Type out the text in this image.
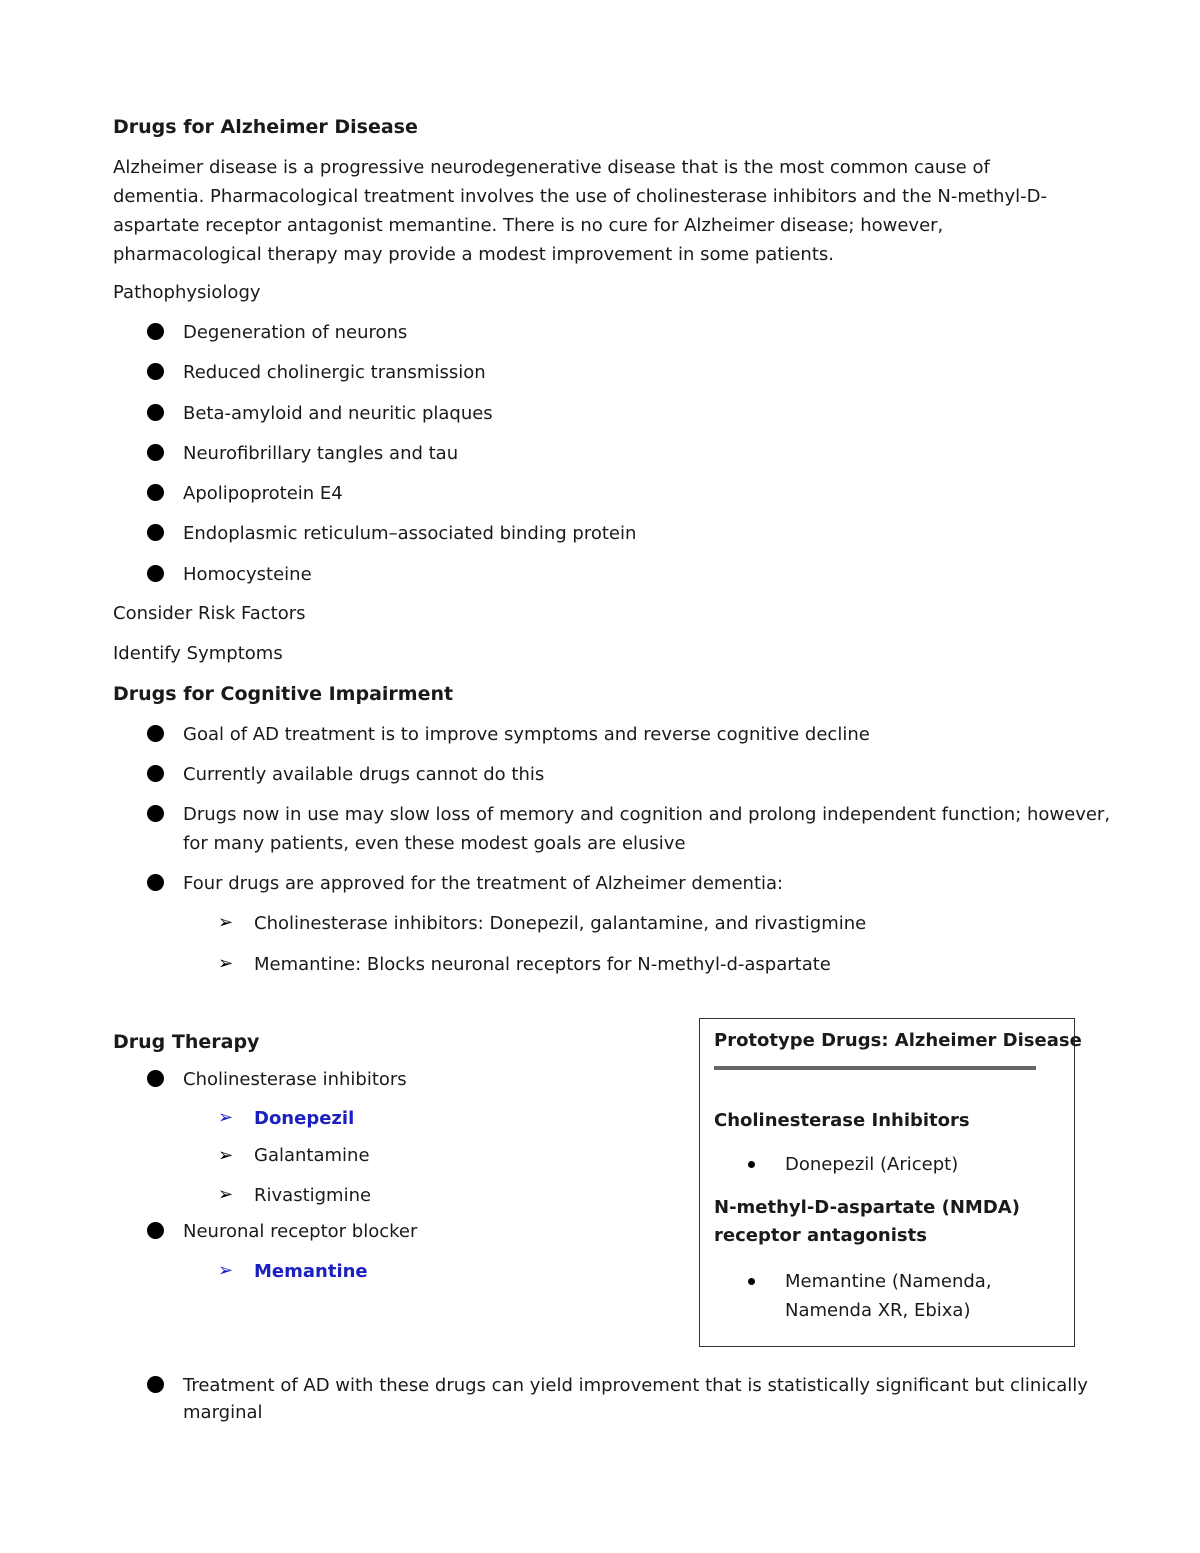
Drugs for Alzheimer Disease
Alzheimer disease is a progressive neurodegenerative disease that is the most common cause of dementia. Pharmacological treatment involves the use of cholinesterase inhibitors and the N-methyl-D-aspartate receptor antagonist memantine. There is no cure for Alzheimer disease; however, pharmacological therapy may provide a modest improvement in some patients.
Pathophysiology
Degeneration of neurons
Reduced cholinergic transmission
Beta-amyloid and neuritic plaques
Neurofibrillary tangles and tau
Apolipoprotein E4
Endoplasmic reticulum–associated binding protein
Homocysteine
Consider Risk Factors
Identify Symptoms
Drugs for Cognitive Impairment
Goal of AD treatment is to improve symptoms and reverse cognitive decline
Currently available drugs cannot do this
Drugs now in use may slow loss of memory and cognition and prolong independent function; however,
for many patients, even these modest goals are elusive
Four drugs are approved for the treatment of Alzheimer dementia:
➢ Cholinesterase inhibitors: Donepezil, galantamine, and rivastigmine
➢ Memantine: Blocks neuronal receptors for N-methyl-d-aspartate
Drug Therapy
Cholinesterase inhibitors
➢ Donepezil
➢ Galantamine
➢ Rivastigmine
Neuronal receptor blocker
➢ Memantine
Prototype Drugs: Alzheimer Disease
Cholinesterase Inhibitors
Donepezil (Aricept)
N-methyl-D-aspartate (NMDA)
receptor antagonists
Memantine (Namenda,
Namenda XR, Ebixa)
Treatment of AD with these drugs can yield improvement that is statistically significant but clinically
marginal
